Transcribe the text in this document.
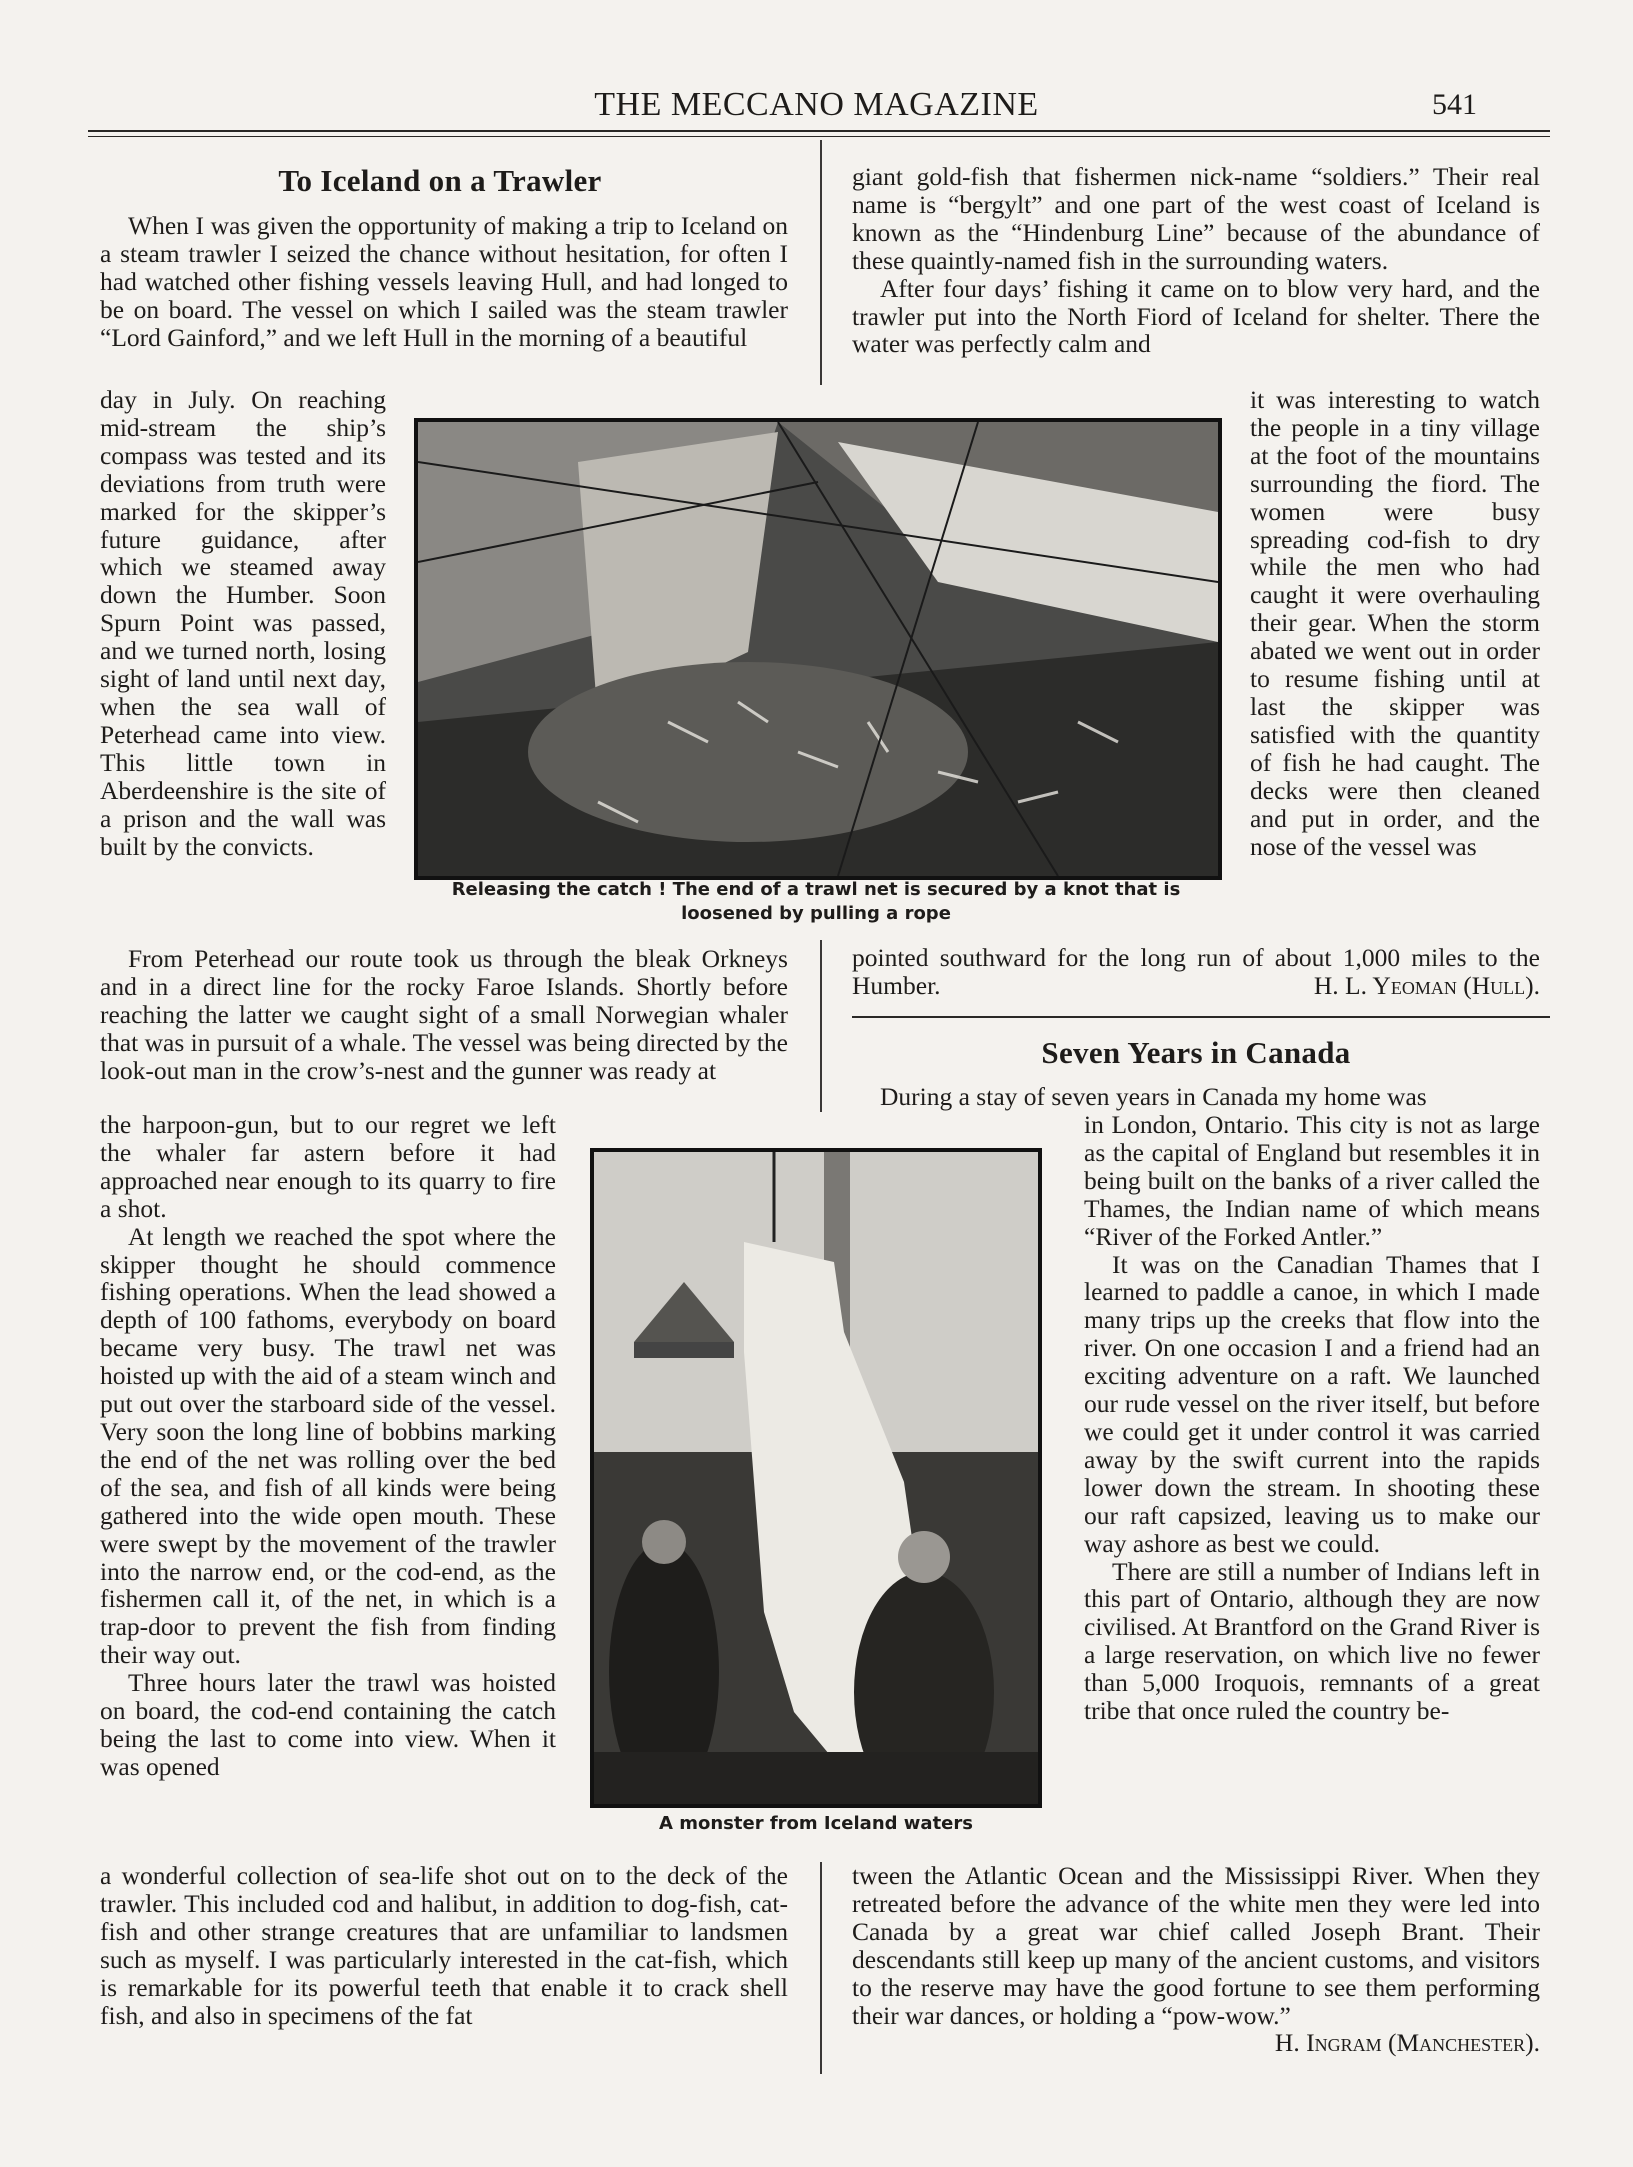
THE MECCANO MAGAZINE	541
To Iceland on a Trawler

When I was given the opportunity of making a trip to Iceland on a steam trawler I seized the chance without hesitation, for often I had watched other fishing vessels leaving Hull, and had longed to be on board. The vessel on which I sailed was the steam trawler “Lord Gainford,” and we left Hull in the morning of a beautiful

day in July. On reaching mid-stream the ship’s compass was tested and its deviations from truth were marked for the skipper’s future guidance, after which we steamed away down the Humber. Soon Spurn Point was passed, and we turned north, losing sight of land until next day, when the sea wall of Peterhead came into view. This little town in Aberdeenshire is the site of a prison and the wall was built by the convicts.

Releasing the catch ! The end of a trawl net is secured by a knot that is loosened by pulling a rope

From Peterhead our route took us through the bleak Orkneys and in a direct line for the rocky Faroe Islands. Shortly before reaching the latter we caught sight of a small Norwegian whaler that was in pursuit of a whale. The vessel was being directed by the look-out man in the crow’s-nest and the gunner was ready at

the harpoon-gun, but to our regret we left the whaler far astern before it had approached near enough to its quarry to fire a shot.

At length we reached the spot where the skipper thought he should commence fishing operations. When the lead showed a depth of 100 fathoms, everybody on board became very busy. The trawl net was hoisted up with the aid of a steam winch and put out over the starboard side of the vessel. Very soon the long line of bobbins marking the end of the net was rolling over the bed of the sea, and fish of all kinds were being gathered into the wide open mouth. These were swept by the movement of the trawler into the narrow end, or the cod-end, as the fishermen call it, of the net, in which is a trap-door to prevent the fish from finding their way out.

Three hours later the trawl was hoisted on board, the cod-end containing the catch being the last to come into view. When it was opened

A monster from Iceland waters

a wonderful collection of sea-life shot out on to the deck of the trawler. This included cod and halibut, in addition to dog-fish, cat-fish and other strange creatures that are unfamiliar to landsmen such as myself. I was particularly interested in the cat-fish, which is remarkable for its powerful teeth that enable it to crack shell fish, and also in specimens of the fat

giant gold-fish that fishermen nick-name “soldiers.” Their real name is “bergylt” and one part of the west coast of Iceland is known as the “Hindenburg Line” because of the abundance of these quaintly-named fish in the surrounding waters.

After four days’ fishing it came on to blow very hard, and the trawler put into the North Fiord of Iceland for shelter. There the water was perfectly calm and

it was interesting to watch the people in a tiny village at the foot of the mountains surrounding the fiord. The women were busy spreading cod-fish to dry while the men who had caught it were overhauling their gear. When the storm abated we went out in order to resume fishing until at last the skipper was satisfied with the quantity of fish he had caught. The decks were then cleaned and put in order, and the nose of the vessel was

pointed southward for the long run of about 1,000 miles to the Humber.	H. L. Yeoman (Hull).
Seven Years in Canada

During a stay of seven years in Canada my home was

in London, Ontario. This city is not as large as the capital of England but resembles it in being built on the banks of a river called the Thames, the Indian name of which means “River of the Forked Antler.”

It was on the Canadian Thames that I learned to paddle a canoe, in which I made many trips up the creeks that flow into the river. On one occasion I and a friend had an exciting adventure on a raft. We launched our rude vessel on the river itself, but before we could get it under control it was carried away by the swift current into the rapids lower down the stream. In shooting these our raft capsized, leaving us to make our way ashore as best we could.

There are still a number of Indians left in this part of Ontario, although they are now civilised. At Brantford on the Grand River is a large reservation, on which live no fewer than 5,000 Iroquois, remnants of a great tribe that once ruled the country be-

tween the Atlantic Ocean and the Mississippi River. When they retreated before the advance of the white men they were led into Canada by a great war chief called Joseph Brant. Their descendants still keep up many of the ancient customs, and visitors to the reserve may have the good fortune to see them performing their war dances, or holding a “pow-wow.”

H. Ingram (Manchester).
